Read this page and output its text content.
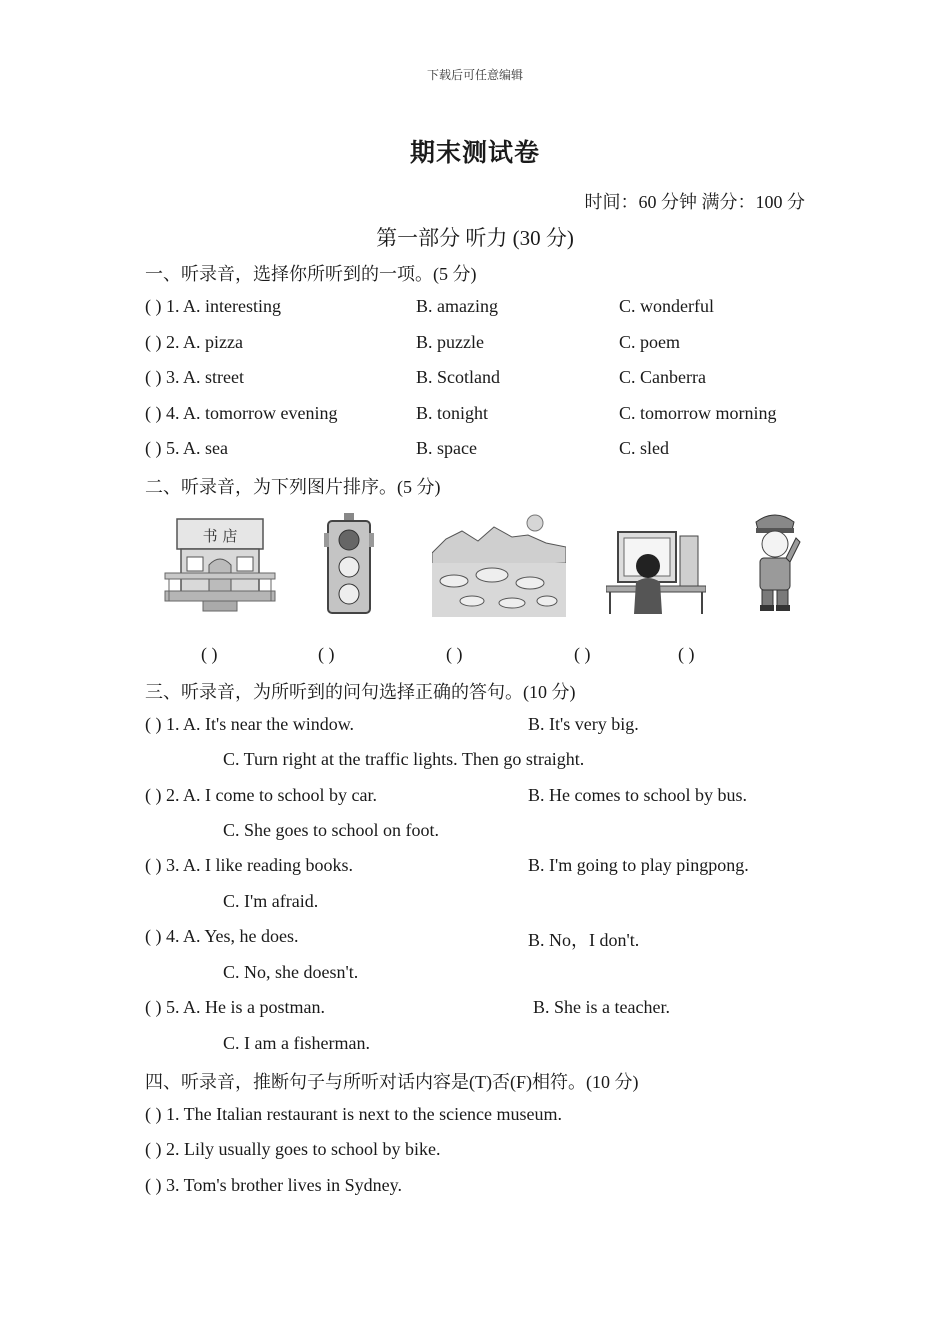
下载后可任意编辑
期末测试卷
时间：60 分钟 满分：100 分
第一部分 听力 (30 分)
一、听录音，选择你所听到的一项。(5 分)
( ) 1. A. interesting	B. amazing	C. wonderful
( ) 2. A. pizza	B. puzzle	C. poem
( ) 3. A. street	B. Scotland	C. Canberra
( ) 4. A. tomorrow evening	B. tonight	C. tomorrow morning
( ) 5. A. sea	B. space	C. sled
二、听录音，为下列图片排序。(5 分)
书 店
( )	( )	( )	( )	( )
三、听录音，为所听到的问句选择正确的答句。(10 分)
( ) 1. A. It's near the window.	B. It's very big.
C. Turn right at the traffic lights. Then go straight.
( ) 2. A. I come to school by car.	B. He comes to school by bus.
C. She goes to school on foot.
( ) 3. A. I like reading books.	B. I'm going to play pingpong.
C. I'm afraid.
( ) 4. A. Yes, he does.	B. No，I don't.
C. No, she doesn't.
( ) 5. A. He is a postman.	B. She is a teacher.
C. I am a fisherman.
四、听录音，推断句子与所听对话内容是(T)否(F)相符。(10 分)
( ) 1. The Italian restaurant is next to the science museum.
( ) 2. Lily usually goes to school by bike.
( ) 3. Tom's brother lives in Sydney.
